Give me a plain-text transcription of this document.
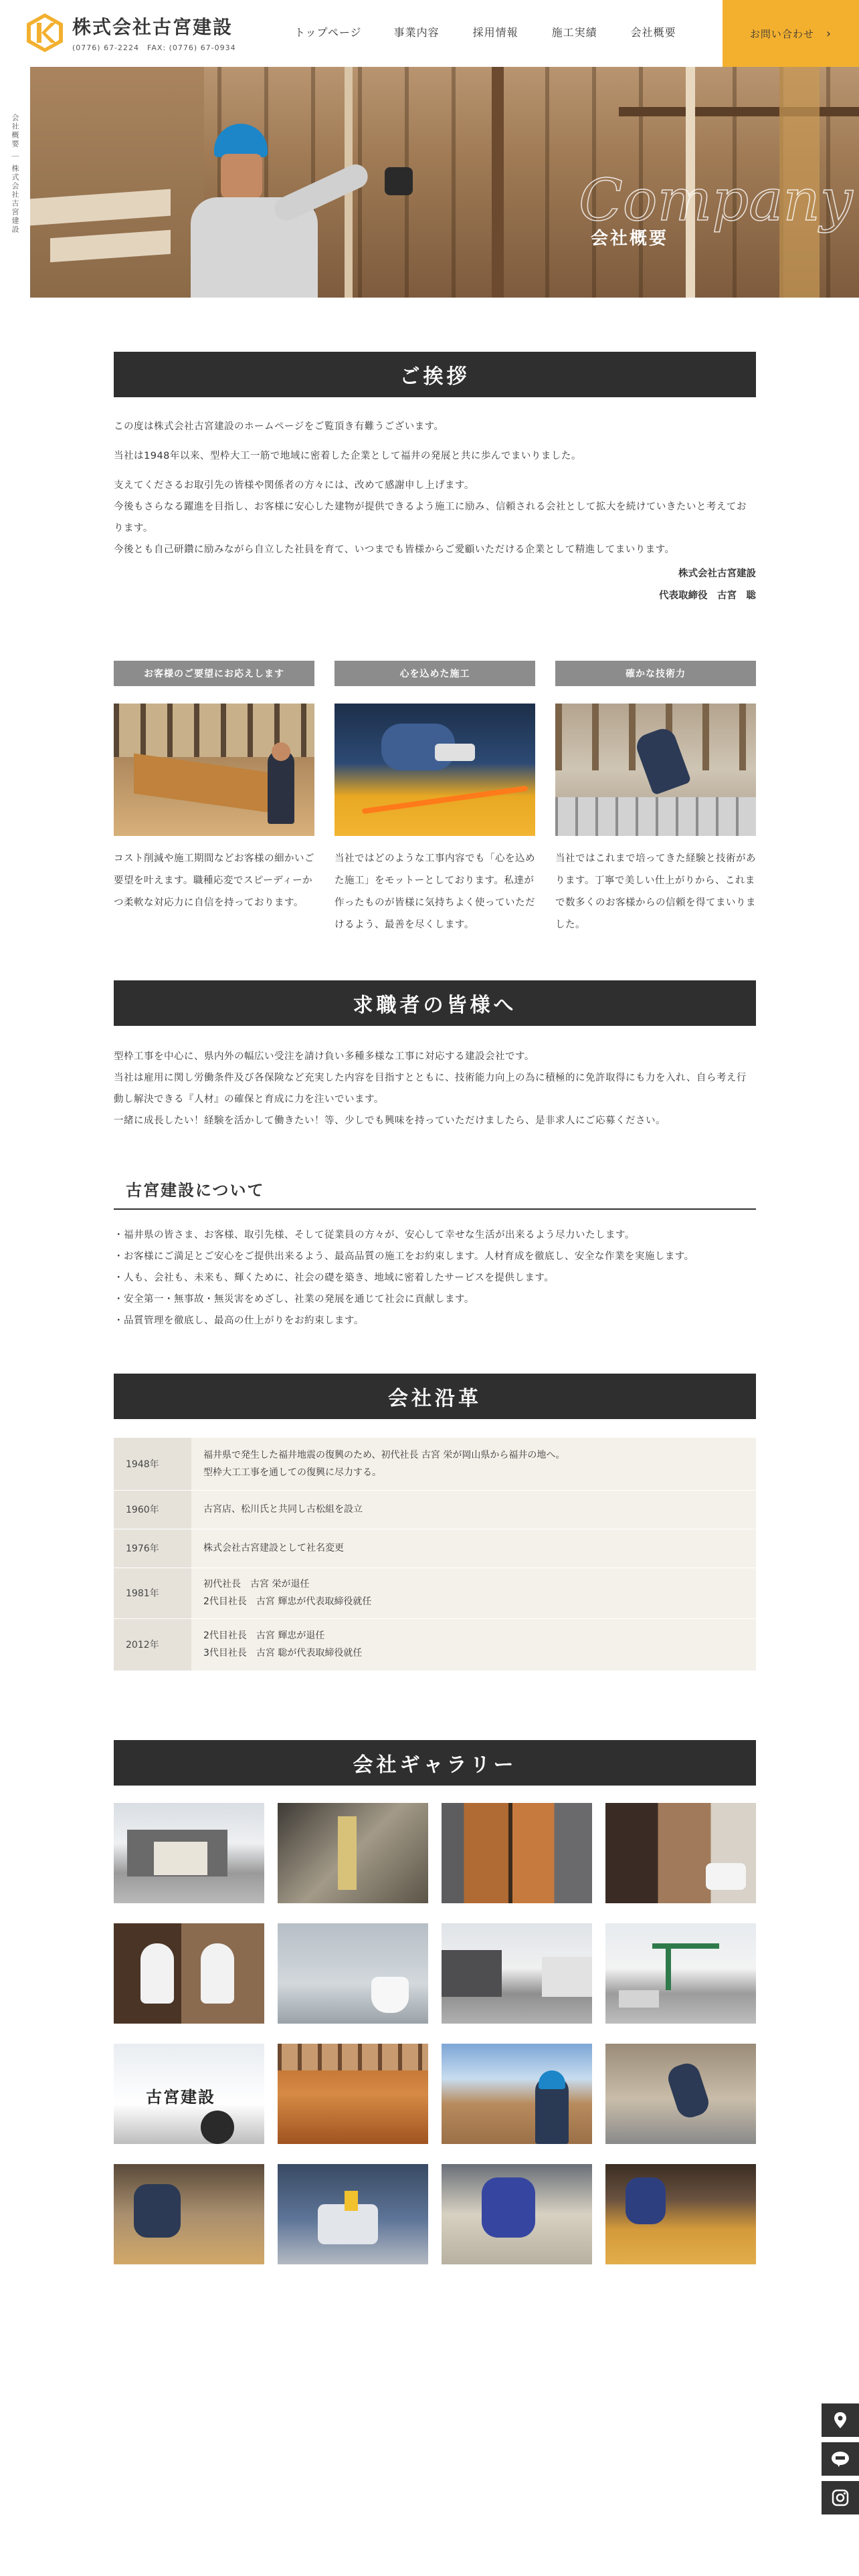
株式会社古宮建設
(0776) 67-2224　FAX: (0776) 67-0934
トップページ	事業内容	採用情報	施工実績	会社概要	お問い合わせ ›
会社概要 ｜ 株式会社古宮建設	Company
会社概要
ご挨拶

この度は株式会社古宮建設のホームページをご覧頂き有難うございます。

当社は1948年以来、型枠大工一筋で地域に密着した企業として福井の発展と共に歩んでまいりました。

支えてくださるお取引先の皆様や関係者の方々には、改めて感謝申し上げます。

今後もさらなる躍進を目指し、お客様に安心した建物が提供できるよう施工に励み、信頼される会社として拡大を続けていきたいと考えております。

今後とも自己研鑽に励みながら自立した社員を育て、いつまでも皆様からご愛顧いただける企業として精進してまいります。

株式会社古宮建設
代表取締役　古宮　聡
お客様のご要望にお応えします
コスト削減や施工期間などお客様の細かいご要望を叶えます。職種応変でスピーディーかつ柔軟な対応力に自信を持っております。
心を込めた施工
当社ではどのような工事内容でも「心を込めた施工」をモットーとしております。私達が作ったものが皆様に気持ちよく使っていただけるよう、最善を尽くします。
確かな技術力
当社ではこれまで培ってきた経験と技術があります。丁寧で美しい仕上がりから、これまで数多くのお客様からの信頼を得てまいりました。
求職者の皆様へ

型枠工事を中心に、県内外の幅広い受注を請け負い多種多様な工事に対応する建設会社です。

当社は雇用に関し労働条件及び各保険など充実した内容を目指すとともに、技術能力向上の為に積極的に免許取得にも力を入れ、自ら考え行動し解決できる『人材』の確保と育成に力を注いでいます。

一緒に成長したい！経験を活かして働きたい！等、少しでも興味を持っていただけましたら、是非求人にご応募ください。

古宮建設について
・福井県の皆さま、お客様、取引先様、そして従業員の方々が、安心して幸せな生活が出来るよう尽力いたします。
・お客様にご満足とご安心をご提供出来るよう、最高品質の施工をお約束します。人材育成を徹底し、安全な作業を実施します。
・人も、会社も、未来も、輝くために、社会の礎を築き、地域に密着したサービスを提供します。
・安全第一・無事故・無災害をめざし、社業の発展を通じて社会に貢献します。
・品質管理を徹底し、最高の仕上がりをお約束します。
会社沿革
1948年	福井県で発生した福井地震の復興のため、初代社長 古宮 栄が岡山県から福井の地へ。
型枠大工工事を通しての復興に尽力する。

1960年	古宮店、松川氏と共同し古松組を設立

1976年	株式会社古宮建設として社名変更

1981年	初代社長　古宮 栄が退任
2代目社長　古宮 輝忠が代表取締役就任

2012年	2代目社長　古宮 輝忠が退任
3代目社長　古宮 聡が代表取締役就任
会社ギャラリー
古宮建設
